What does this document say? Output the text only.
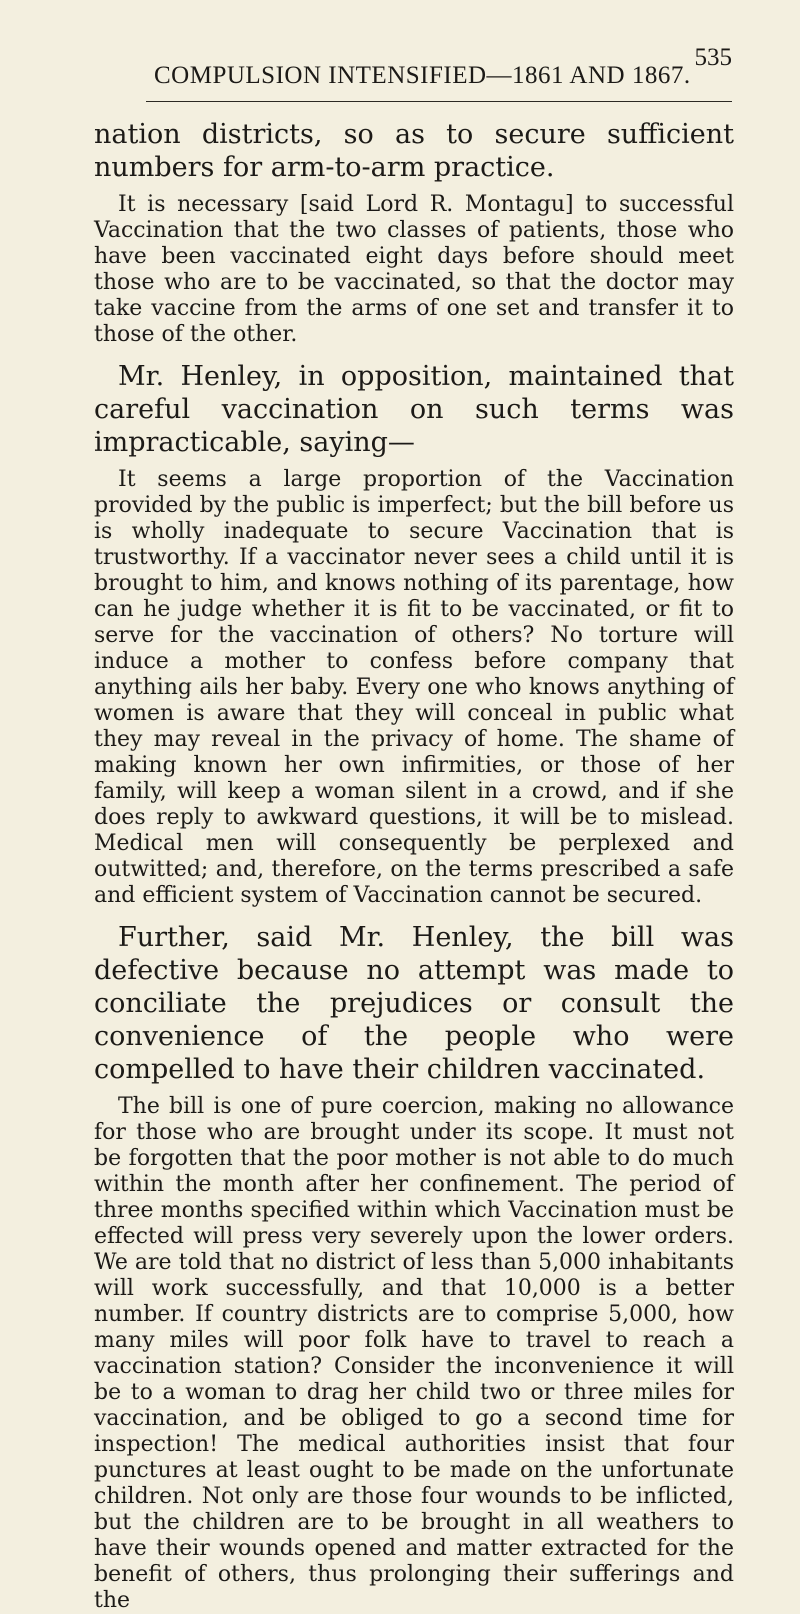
COMPULSION INTENSIFIED—1861 AND 1867.
535

nation districts, so as to secure sufficient numbers for arm-to-arm practice.

It is necessary [said Lord R. Montagu] to successful Vaccination that the two classes of patients, those who have been vaccinated eight days before should meet those who are to be vaccinated, so that the doctor may take vaccine from the arms of one set and transfer it to those of the other.

Mr. Henley, in opposition, maintained that careful vaccination on such terms was impracticable, saying—

It seems a large proportion of the Vaccination provided by the public is imperfect; but the bill before us is wholly inadequate to secure Vaccination that is trustworthy. If a vaccinator never sees a child until it is brought to him, and knows nothing of its parentage, how can he judge whether it is fit to be vaccinated, or fit to serve for the vaccination of others? No torture will induce a mother to confess before company that anything ails her baby. Every one who knows anything of women is aware that they will conceal in public what they may reveal in the privacy of home. The shame of making known her own infirmities, or those of her family, will keep a woman silent in a crowd, and if she does reply to awkward questions, it will be to mislead. Medical men will consequently be perplexed and outwitted; and, therefore, on the terms prescribed a safe and efficient system of Vaccination cannot be secured.

Further, said Mr. Henley, the bill was defective because no attempt was made to conciliate the prejudices or consult the convenience of the people who were compelled to have their children vaccinated.

The bill is one of pure coercion, making no allowance for those who are brought under its scope. It must not be forgotten that the poor mother is not able to do much within the month after her confinement. The period of three months specified within which Vaccination must be effected will press very severely upon the lower orders. We are told that no district of less than 5,000 inhabitants will work successfully, and that 10,000 is a better number. If country districts are to comprise 5,000, how many miles will poor folk have to travel to reach a vaccination station? Consider the inconvenience it will be to a woman to drag her child two or three miles for vaccination, and be obliged to go a second time for inspection! The medical authorities insist that four punctures at least ought to be made on the unfortunate children. Not only are those four wounds to be inflicted, but the children are to be brought in all weathers to have their wounds opened and matter extracted for the benefit of others, thus prolonging their sufferings and the
